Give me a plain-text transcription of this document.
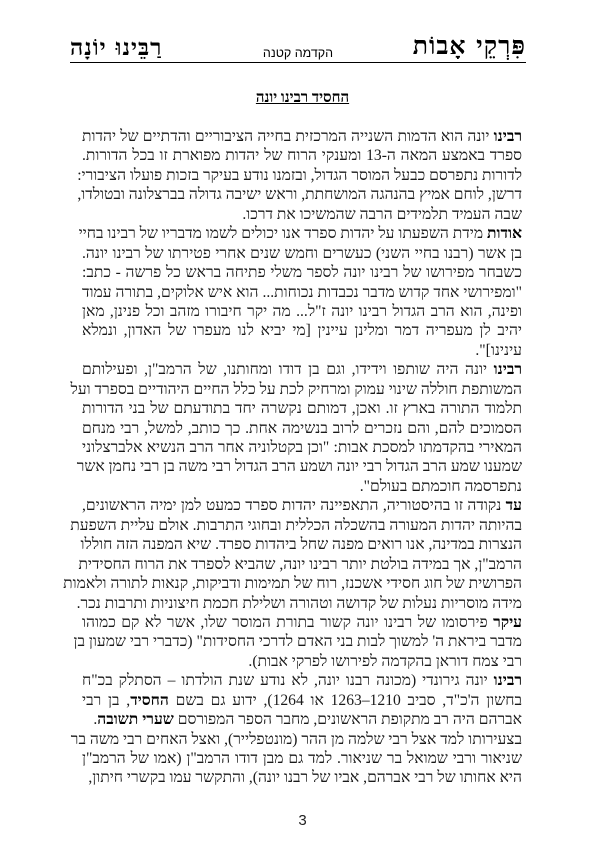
פִּרְקֵי אָבוֹת
הקדמה קטנה
רַבֵּינוּ יוֹנָה
החסיד רבינו יונה
רבינו יונה הוא הדמות השנייה המרכזית בחייה הציבוריים והדתיים של יהדות
ספרד באמצע המאה ה-13 ומענקי הרוח של יהדות מפוארת זו בכל הדורות.
לדורות נתפרסם כבעל המוסר הגדול, ובזמנו נודע בעיקר בזכות פועלו הציבורי:
דרשן, לוחם אמיץ בהנהגה המושחתת, וראש ישיבה גדולה בברצלונה ובטולדו,
שבה העמיד תלמידים הרבה שהמשיכו את דרכו.
אודות מידת השפעתו על יהדות ספרד אנו יכולים לשמו מדבריו של רבינו בחיי
בן אשר (רבנו בחיי השני) כעשרים וחמש שנים אחרי פטירתו של רבינו יונה.
כשבחר מפירושו של רבינו יונה לספר משלי פתיחה בראש כל פרשה - כתב:
"ומפירושי אחד קדוש מדבר נכבדות נכוחות... הוא איש אלוקים, בתורה עמוד
ופינה, הוא הרב הגדול רבינו יונה ז"ל... מה יקר חיבורו מזהב וכל פנינן, מאן
יהיב לן מעפריה דמר ומלינן עיינין [מי יביא לנו מעפרו של האדון, ונמלא
עינינו]".
רבינו יונה היה שותפו וידידו, וגם בן דודו ומחותנו, של הרמב"ן, ופעילותם
המשותפת חוללה שינוי עמוק ומרחיק לכת על כלל החיים היהודיים בספרד ועל
תלמוד התורה בארץ זו. ואכן, דמותם נקשרה יחד בתודעתם של בני הדורות
הסמוכים להם, והם נזכרים לרוב בנשימה אחת. כך כותב, למשל, רבי מנחם
המאירי בהקדמתו למסכת אבות: "וכן בקטלוניה אחר הרב הנשיא אלברצלוני
שמענו שמע הרב הגדול רבי יונה ושמע הרב הגדול רבי משה בן רבי נחמן אשר
נתפרסמה חוכמתם בעולם".
עד נקודה זו בהיסטוריה, התאפיינה יהדות ספרד כמעט למן ימיה הראשונים,
בהיותה יהדות המעורה בהשכלה הכללית ובחוגי התרבות. אולם עליית השפעת
הנצרות במדינה, אנו רואים מפנה שחל ביהדות ספרד. שיא המפנה הזה חוללו
הרמב"ן, אך במידה בולטת יותר רבינו יונה, שהביא לספרד את הרוח החסידית
הפרושית של חוג חסידי אשכנז, רוח של תמימות ודביקות, קנאות לתורה ולאמות
מידה מוסריות נעלות של קדושה וטהורה ושלילת חכמת חיצוניות ותרבות נכר.
עיקר פירסומו של רבינו יונה קשור בתורת המוסר שלו, אשר לא קם כמוהו
מדבר ביראת ה' למשוך לבות בני האדם לדרכי החסידות" (כדברי רבי שמעון בן
רבי צמח דוראן בהקדמה לפירושו לפרקי אבות).
רבינו יונה גירונדי (מכונה רבנו יונה, לא נודע שנת הולדתו – הסתלק בכ"ח
בחשון ה'כ"ד, סביב 1210–1263 או 1264), ידוע גם בשם החסיד, בן רבי
אברהם היה רב מתקופת הראשונים, מחבר הספר המפורסם שערי תשובה.
בצעירותו למד אצל רבי שלמה מן ההר (מונטפלייר), ואצל האחים רבי משה בר
שניאור ורבי שמואל בר שניאור. למד גם מבן דודו הרמב"ן (אמו של הרמב"ן
היא אחותו של רבי אברהם, אביו של רבנו יונה), והתקשר עמו בקשרי חיתון,
3
